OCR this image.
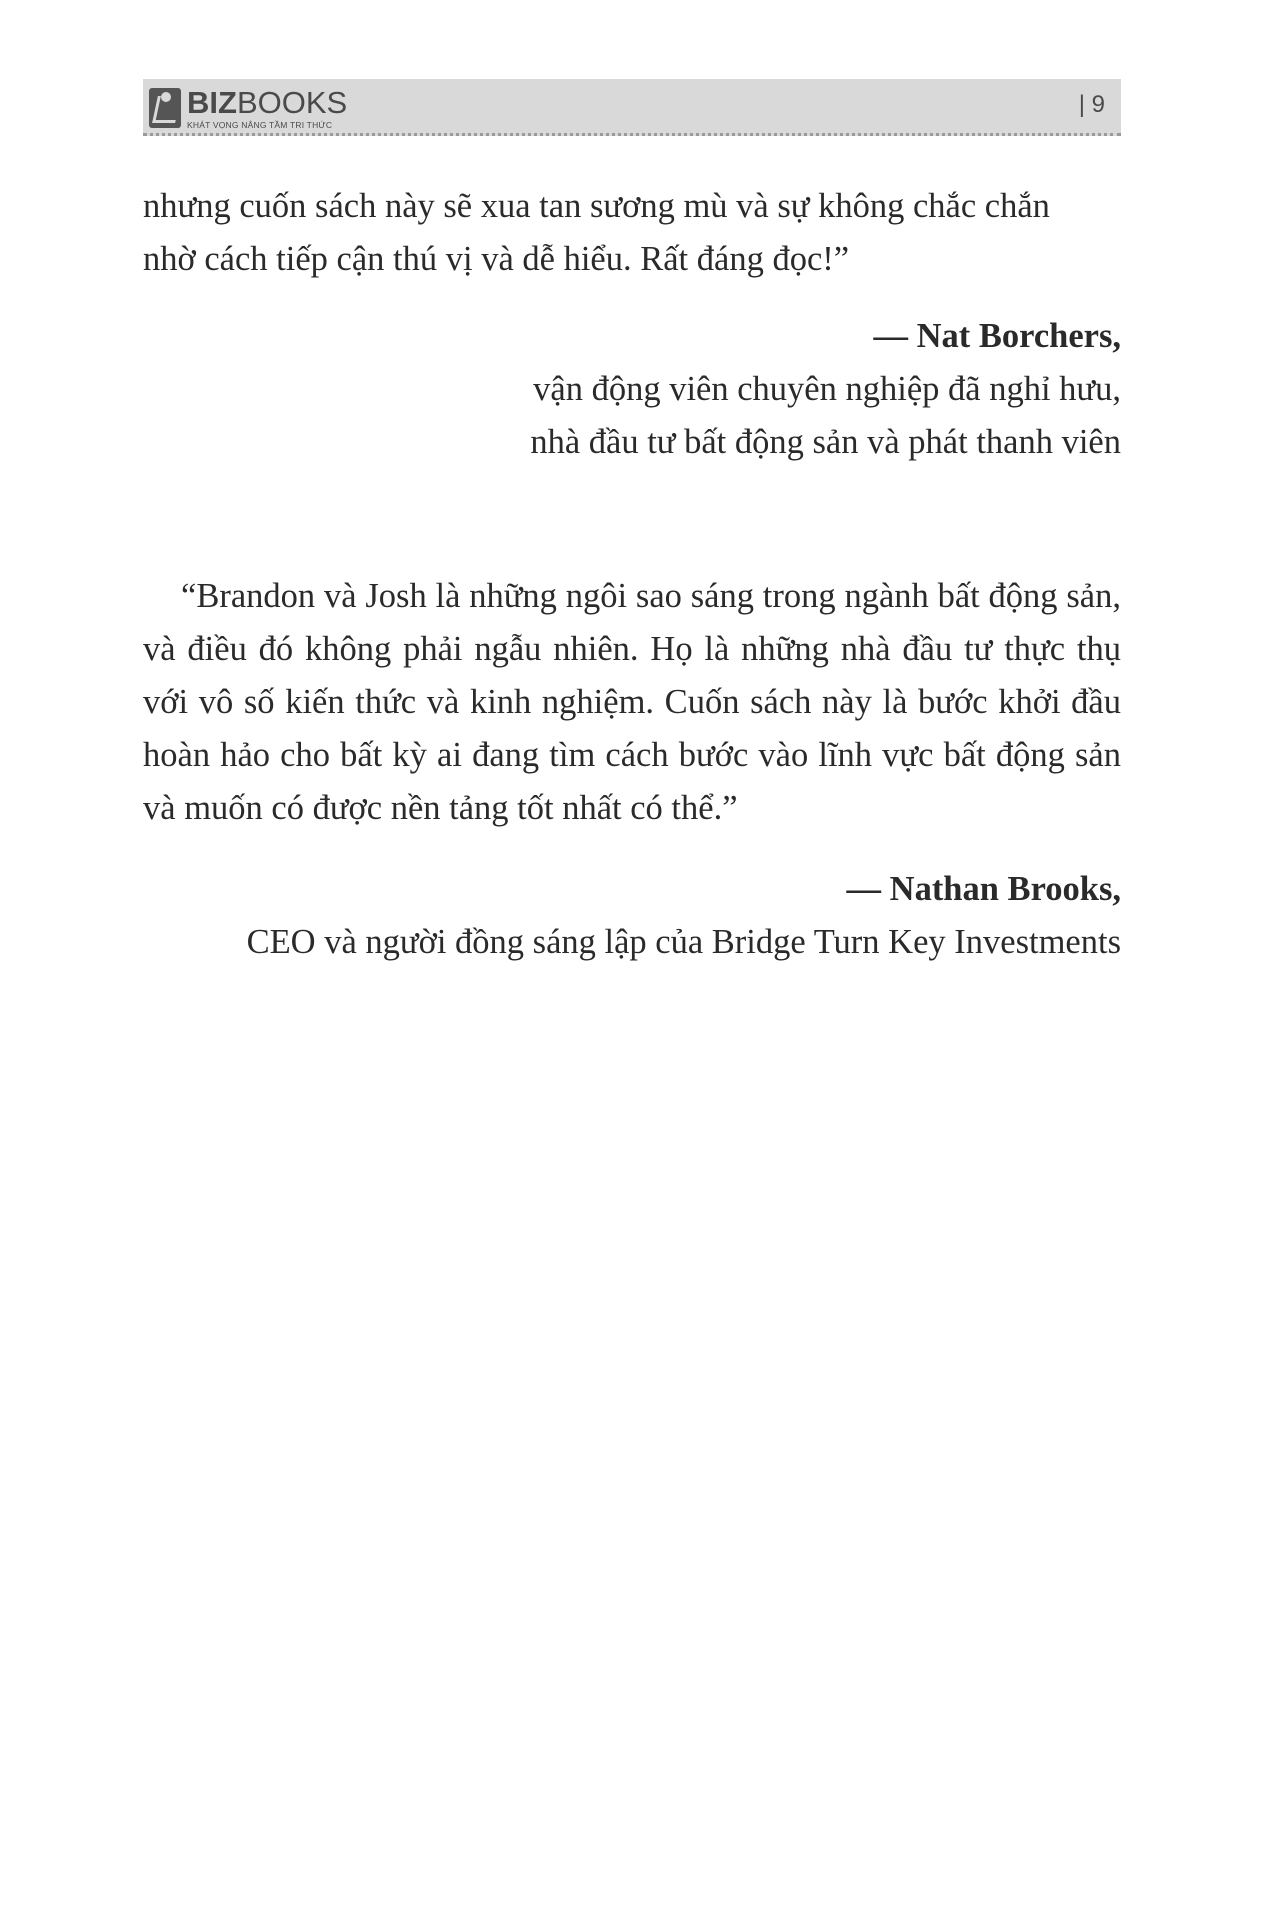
BIZBOOKS
KHÁT VỌNG NÂNG TẦM TRI THỨC
| 9
nhưng cuốn sách này sẽ xua tan sương mù và sự không chắc chắn
nhờ cách tiếp cận thú vị và dễ hiểu. Rất đáng đọc!”
— Nat Borchers,
vận động viên chuyên nghiệp đã nghỉ hưu,
nhà đầu tư bất động sản và phát thanh viên
“Brandon và Josh là những ngôi sao sáng trong ngành bất động sản, và điều đó không phải ngẫu nhiên. Họ là những nhà đầu tư thực thụ với vô số kiến thức và kinh nghiệm. Cuốn sách này là bước khởi đầu hoàn hảo cho bất kỳ ai đang tìm cách bước vào lĩnh vực bất động sản và muốn có được nền tảng tốt nhất có thể.”
— Nathan Brooks,
CEO và người đồng sáng lập của Bridge Turn Key Investments
